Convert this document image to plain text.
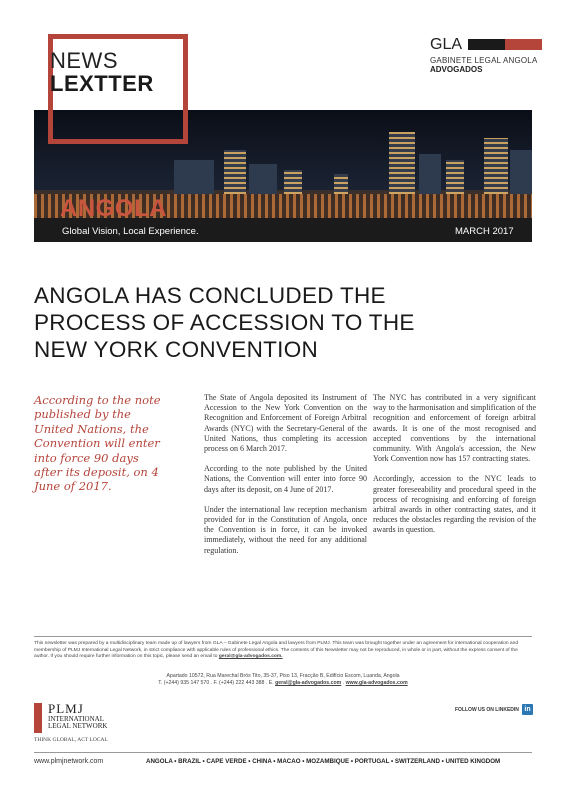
NEWS
LEXTTER
GLA
GABINETE LEGAL ANGOLA
ADVOGADOS
ANGOLA
Global Vision, Local Experience.	MARCH 2017
ANGOLA HAS CONCLUDED THE
PROCESS OF ACCESSION TO THE
NEW YORK CONVENTION
According to the note published by the United Nations, the Convention will enter into force 90 days after its deposit, on 4 June of 2017.

The State of Angola deposited its Instrument of Accession to the New York Convention on the Recognition and Enforcement of Foreign Arbitral Awards (NYC) with the Secretary-General of the United Nations, thus completing its accession process on 6 March 2017.

According to the note published by the United Nations, the Convention will enter into force 90 days after its deposit, on 4 June of 2017.

Under the international law reception mechanism provided for in the Constitution of Angola, once the Convention is in force, it can be invoked immediately, without the need for any additional regulation.

The NYC has contributed in a very significant way to the harmonisation and simplification of the recognition and enforcement of foreign arbitral awards. It is one of the most recognised and accepted conventions by the international community. With Angola's accession, the New York Convention now has 157 contracting states.

Accordingly, accession to the NYC leads to greater foreseeability and procedural speed in the process of recognising and enforcing of foreign arbitral awards in other contracting states, and it reduces the obstacles regarding the revision of the awards in question.

This newsletter was prepared by a multidisciplinary team made up of lawyers from GLA – Gabinete Legal Angola and lawyers from PLMJ. This team was brought together under an agreement for international cooperation and membership of PLMJ International Legal Network, in strict compliance with applicable rules of professional ethics. The contents of this Newsletter may not be reproduced, in whole or in part, without the express consent of the author. If you should require further information on this topic, please send an email to geral@gla-advogados.com.
Apartado 10572, Rua Marechal Brós Tito, 35-37, Piso 13, Fracção B, Edifício Escom, Luanda, Angola
T. (+244) 935 147 570 . F. (+244) 222 443 388 . E. geral@gla-advogados.com . www.gla-advogados.com
PLMJ
INTERNATIONAL
LEGAL NETWORK
THINK GLOBAL, ACT LOCAL
FOLLOW US ON LINKEDIN in
www.plmjnetwork.com	ANGOLA • BRAZIL • CAPE VERDE • CHINA • MACAO • MOZAMBIQUE • PORTUGAL • SWITZERLAND • UNITED KINGDOM
